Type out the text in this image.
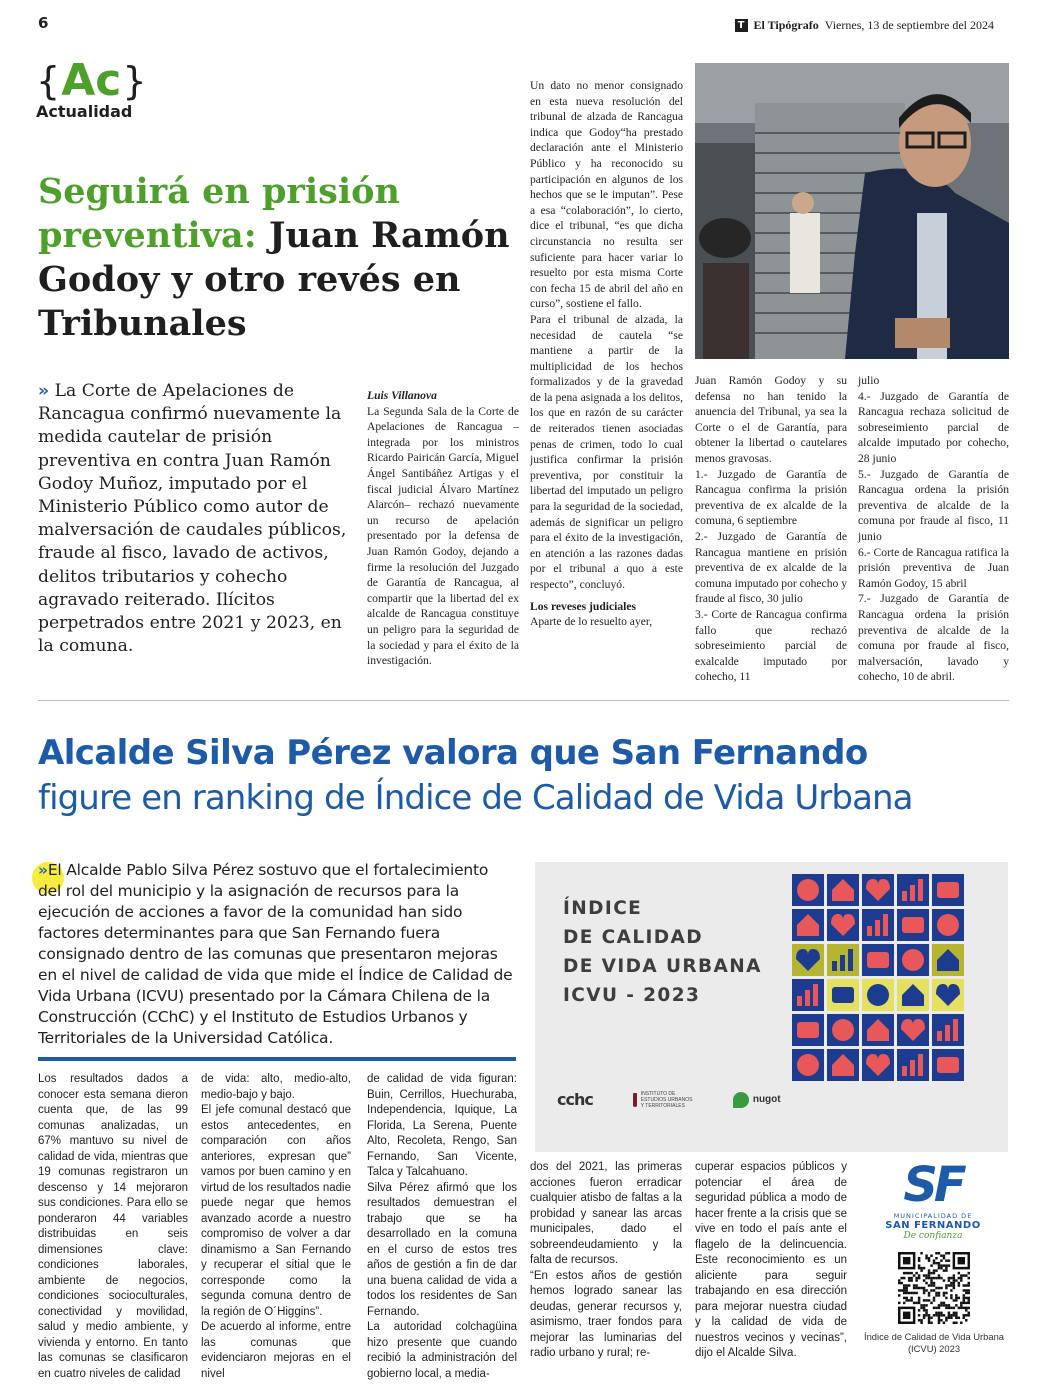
6	T El Tipógrafo Viernes, 13 de septiembre del 2024
{ Ac }
Actualidad
Seguirá en prisión preventiva: Juan Ramón Godoy y otro revés en Tribunales
» La Corte de Apelaciones de Rancagua confirmó nuevamente la medida cautelar de prisión preventiva en contra Juan Ramón Godoy Muñoz, imputado por el Ministerio Público como autor de malversación de caudales públicos, fraude al fisco, lavado de activos, delitos tributarios y cohecho agravado reiterado. Ilícitos perpetrados entre 2021 y 2023, en la comuna.

Luis Villanova

La Segunda Sala de la Corte de Apelaciones de Rancagua –integrada por los ministros Ricardo Pairicán García, Miguel Ángel Santibáñez Artigas y el fiscal judicial Álvaro Martínez Alarcón– rechazó nuevamente un recurso de apelación presentado por la defensa de Juan Ramón Godoy, dejando a firme la resolución del Juzgado de Garantía de Rancagua, al compartir que la libertad del ex alcalde de Rancagua constituye un peligro para la seguridad de la sociedad y para el éxito de la investigación.

Un dato no menor consignado en esta nueva resolución del tribunal de alzada de Rancagua indica que Godoy“ha prestado declaración ante el Ministerio Público y ha reconocido su participación en algunos de los hechos que se le imputan”. Pese a esa “colaboración”, lo cierto, dice el tribunal, “es que dicha circunstancia no resulta ser suficiente para hacer variar lo resuelto por esta misma Corte con fecha 15 de abril del año en curso”, sostiene el fallo.

Para el tribunal de alzada, la necesidad de cautela “se mantiene a partir de la multiplicidad de los hechos formalizados y de la gravedad de la pena asignada a los delitos, los que en razón de su carácter de reiterados tienen asociadas penas de crimen, todo lo cual justifica confirmar la prisión preventiva, por constituir la libertad del imputado un peligro para la seguridad de la sociedad, además de significar un peligro para el éxito de la investigación, en atención a las razones dadas por el tribunal a quo a este respecto”, concluyó.

Los reveses judiciales

Aparte de lo resuelto ayer,

Juan Ramón Godoy y su defensa no han tenido la anuencia del Tribunal, ya sea la Corte o el de Garantía, para obtener la libertad o cautelares menos gravosas.

1.- Juzgado de Garantía de Rancagua confirma la prisión preventiva de ex alcalde de la comuna, 6 septiembre

2.- Juzgado de Garantía de Rancagua mantiene en prisión preventiva de ex alcalde de la comuna imputado por cohecho y fraude al fisco, 30 julio

3.- Corte de Rancagua confirma fallo que rechazó sobreseimiento parcial de exalcalde imputado por cohecho, 11

julio

4.- Juzgado de Garantía de Rancagua rechaza solicitud de sobreseimiento parcial de alcalde imputado por cohecho, 28 junio

5.- Juzgado de Garantía de Rancagua ordena la prisión preventiva de alcalde de la comuna por fraude al fisco, 11 junio

6.- Corte de Rancagua ratifica la prisión preventiva de Juan Ramón Godoy, 15 abril

7.- Juzgado de Garantía de Rancagua ordena la prisión preventiva de alcalde de la comuna por fraude al fisco, malversación, lavado y cohecho, 10 de abril.

Alcalde Silva Pérez valora que San Fernando
figure en ranking de Índice de Calidad de Vida Urbana
»El Alcalde Pablo Silva Pérez sostuvo que el fortalecimiento del rol del municipio y la asignación de recursos para la ejecución de acciones a favor de la comunidad han sido factores determinantes para que San Fernando fuera consignado dentro de las comunas que presentaron mejoras en el nivel de calidad de vida que mide el Índice de Calidad de Vida Urbana (ICVU) presentado por la Cámara Chilena de la Construcción (CChC) y el Instituto de Estudios Urbanos y Territoriales de la Universidad Católica.

Los resultados dados a conocer esta semana dieron cuenta que, de las 99 comunas analizadas, un 67% mantuvo su nivel de calidad de vida, mientras que 19 comunas registraron un descenso y 14 mejoraron sus condiciones. Para ello se ponderaron 44 variables distribuidas en seis dimensiones clave: condiciones laborales, ambiente de negocios, condiciones socioculturales, conectividad y movilidad, salud y medio ambiente, y vivienda y entorno. En tanto las comunas se clasificaron en cuatro niveles de calidad

de vida: alto, medio-alto, medio-bajo y bajo.

El jefe comunal destacó que estos antecedentes, en comparación con años anteriores, expresan que” vamos por buen camino y en virtud de los resultados nadie puede negar que hemos avanzado acorde a nuestro compromiso de volver a dar dinamismo a San Fernando y recuperar el sitial que le corresponde como la segunda comuna dentro de la región de O´Higgins”.

De acuerdo al informe, entre las comunas que evidenciaron mejoras en el nivel

de calidad de vida figuran: Buin, Cerrillos, Huechuraba, Independencia, Iquique, La Florida, La Serena, Puente Alto, Recoleta, Rengo, San Fernando, San Vicente, Talca y Talcahuano.

Silva Pérez afirmó que los resultados demuestran el trabajo que se ha desarrollado en la comuna en el curso de estos tres años de gestión a fin de dar una buena calidad de vida a todos los residentes de San Fernando.

La autoridad colchagüina hizo presente que cuando recibió la administración del gobierno local, a media-

dos del 2021, las primeras acciones fueron erradicar cualquier atisbo de faltas a la probidad y sanear las arcas municipales, dado el sobreendeudamiento y la falta de recursos.

“En estos años de gestión hemos logrado sanear las deudas, generar recursos y, asimismo, traer fondos para mejorar las luminarias del radio urbano y rural; re-

cuperar espacios públicos y potenciar el área de seguridad pública a modo de hacer frente a la crisis que se vive en todo el país ante el flagelo de la delincuencia. Este reconocimiento es un aliciente para seguir trabajando en esa dirección para mejorar nuestra ciudad y la calidad de vida de nuestros vecinos y vecinas”, dijo el Alcalde Silva.

ÍNDICE
DE CALIDAD
DE VIDA URBANA
ICVU - 2023
cchc	INSTITUTO DE ESTUDIOS URBANOS Y TERRITORIALES
nugot
SF
MUNICIPALIDAD DE
SAN FERNANDO
De confianza
Índice de Calidad de Vida Urbana (ICVU) 2023
